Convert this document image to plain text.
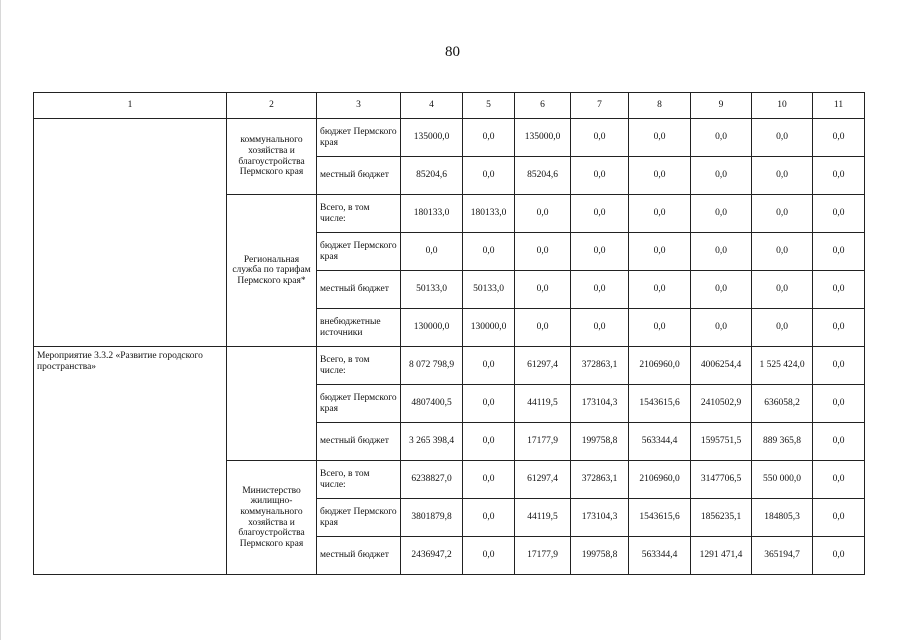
80
1	2	3	4	5	6	7	8	9	10	11
	коммунального хозяйства и благоустройства Пермского края	бюджет Пермского края	135000,0	0,0	135000,0	0,0	0,0	0,0	0,0	0,0
		местный бюджет	85204,6	0,0	85204,6	0,0	0,0	0,0	0,0	0,0
	Региональная служба по тарифам Пермского края*	Всего, в том числе:	180133,0	180133,0	0,0	0,0	0,0	0,0	0,0	0,0
		бюджет Пермского края	0,0	0,0	0,0	0,0	0,0	0,0	0,0	0,0
		местный бюджет	50133,0	50133,0	0,0	0,0	0,0	0,0	0,0	0,0
		внебюджетные источники	130000,0	130000,0	0,0	0,0	0,0	0,0	0,0	0,0
Мероприятие 3.3.2 «Развитие городского пространства»		Всего, в том числе:	8 072 798,9	0,0	61297,4	372863,1	2106960,0	4006254,4	1 525 424,0	0,0
		бюджет Пермского края	4807400,5	0,0	44119,5	173104,3	1543615,6	2410502,9	636058,2	0,0
		местный бюджет	3 265 398,4	0,0	17177,9	199758,8	563344,4	1595751,5	889 365,8	0,0
	Министерство жилищно-коммунального хозяйства и благоустройства Пермского края	Всего, в том числе:	6238827,0	0,0	61297,4	372863,1	2106960,0	3147706,5	550 000,0	0,0
		бюджет Пермского края	3801879,8	0,0	44119,5	173104,3	1543615,6	1856235,1	184805,3	0,0
		местный бюджет	2436947,2	0,0	17177,9	199758,8	563344,4	1291 471,4	365194,7	0,0
